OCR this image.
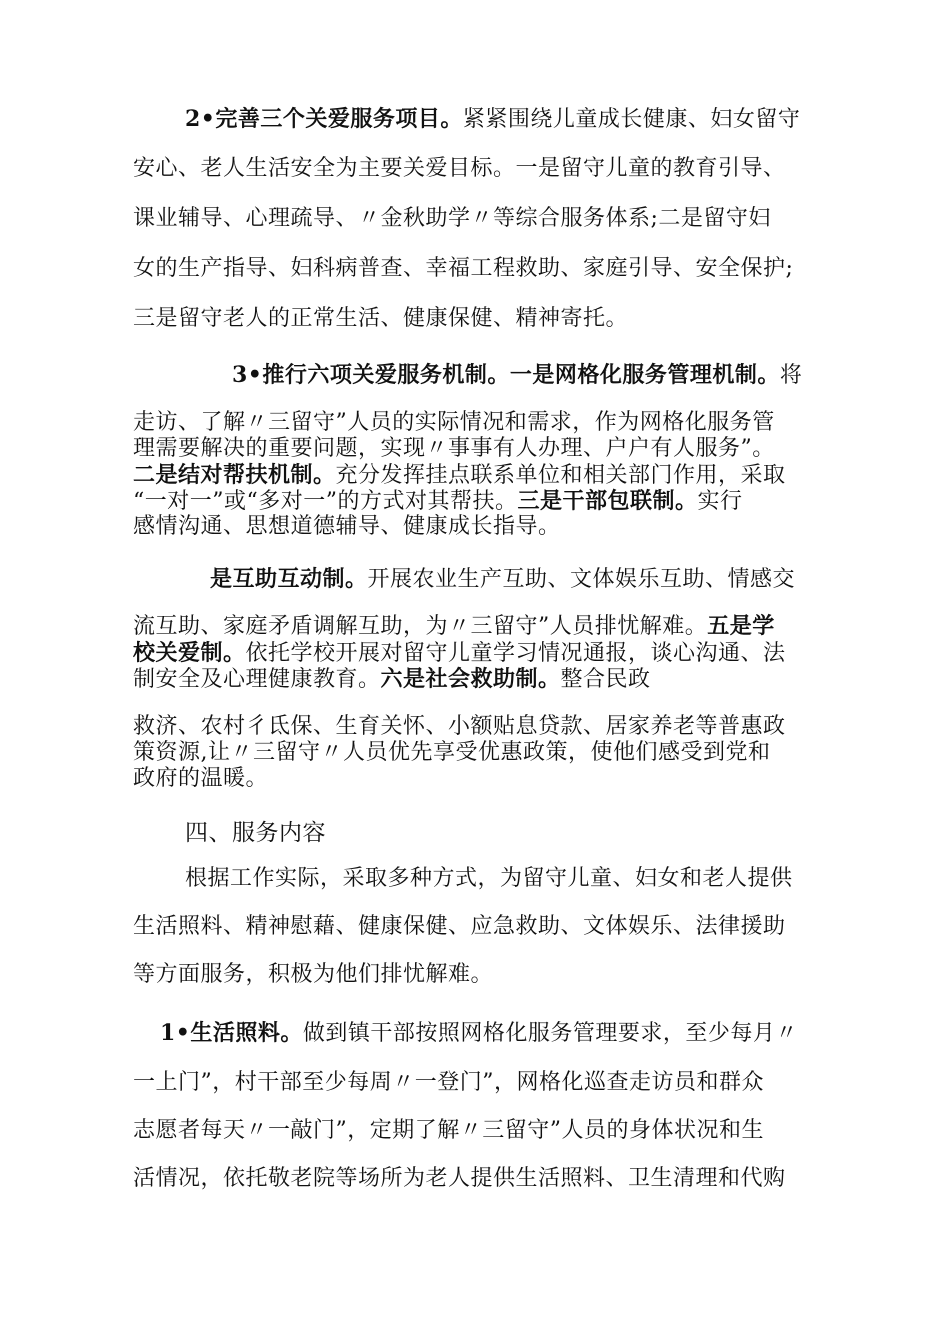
2•完善三个关爱服务项目。紧紧围绕儿童成长健康、妇女留守
安心、老人生活安全为主要关爱目标。一是留守儿童的教育引导、
课业辅导、心理疏导、〃金秋助学〃等综合服务体系;二是留守妇
女的生产指导、妇科病普查、幸福工程救助、家庭引导、安全保护;
三是留守老人的正常生活、健康保健、精神寄托。
3•推行六项关爱服务机制。一是网格化服务管理机制。将
走访、了解〃三留守”人员的实际情况和需求，作为网格化服务管
理需要解决的重要问题，实现〃事事有人办理、户户有人服务”。
二是结对帮扶机制。充分发挥挂点联系单位和相关部门作用，采取
“一对一”或“多对一”的方式对其帮扶。三是干部包联制。实行
感情沟通、思想道德辅导、健康成长指导。
是互助互动制。开展农业生产互助、文体娱乐互助、情感交
流互助、家庭矛盾调解互助，为〃三留守”人员排忧解难。五是学
校关爱制。依托学校开展对留守儿童学习情况通报，谈心沟通、法
制安全及心理健康教育。六是社会救助制。整合民政
救济、农村彳氐保、生育关怀、小额贴息贷款、居家养老等普惠政
策资源,让〃三留守〃人员优先享受优惠政策，使他们感受到党和
政府的温暖。
四、服务内容
根据工作实际，采取多种方式，为留守儿童、妇女和老人提供
生活照料、精神慰藉、健康保健、应急救助、文体娱乐、法律援助
等方面服务，积极为他们排忧解难。
1•生活照料。做到镇干部按照网格化服务管理要求，至少每月〃
一上门”，村干部至少每周〃一登门”，网格化巡查走访员和群众
志愿者每天〃一敲门”，定期了解〃三留守”人员的身体状况和生
活情况，依托敬老院等场所为老人提供生活照料、卫生清理和代购
